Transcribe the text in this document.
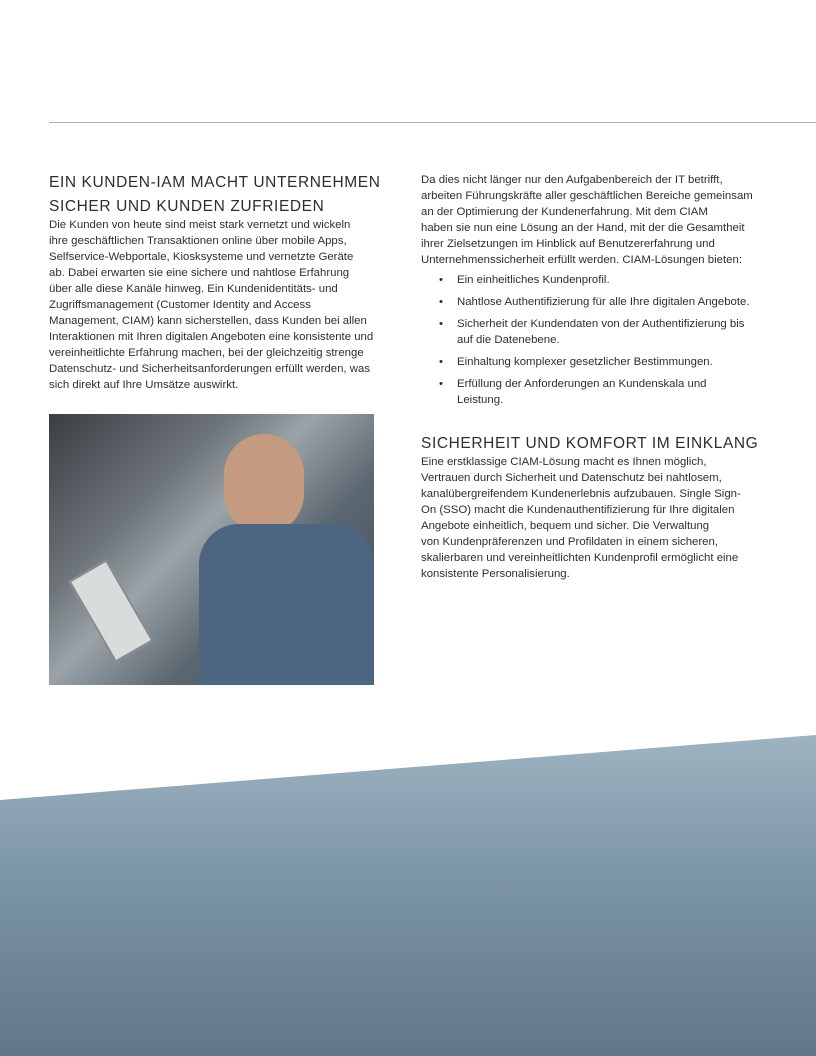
EIN KUNDEN-IAM MACHT UNTERNEHMEN
SICHER UND KUNDEN ZUFRIEDEN
Die Kunden von heute sind meist stark vernetzt und wickeln
ihre geschäftlichen Transaktionen online über mobile Apps,
Selfservice-Webportale, Kiosksysteme und vernetzte Geräte
ab. Dabei erwarten sie eine sichere und nahtlose Erfahrung
über alle diese Kanäle hinweg. Ein Kundenidentitäts- und
Zugriffsmanagement (Customer Identity and Access
Management, CIAM) kann sicherstellen, dass Kunden bei allen
Interaktionen mit Ihren digitalen Angeboten eine konsistente und
vereinheitlichte Erfahrung machen, bei der gleichzeitig strenge
Datenschutz- und Sicherheitsanforderungen erfüllt werden, was
sich direkt auf Ihre Umsätze auswirkt.
Da dies nicht länger nur den Aufgabenbereich der IT betrifft,
arbeiten Führungskräfte aller geschäftlichen Bereiche gemeinsam
an der Optimierung der Kundenerfahrung. Mit dem CIAM
haben sie nun eine Lösung an der Hand, mit der die Gesamtheit
ihrer Zielsetzungen im Hinblick auf Benutzererfahrung und
Unternehmenssicherheit erfüllt werden. CIAM-Lösungen bieten:
• Ein einheitliches Kundenprofil.
• Nahtlose Authentifizierung für alle Ihre digitalen Angebote.
• Sicherheit der Kundendaten von der Authentifizierung bis
auf die Datenebene.
• Einhaltung komplexer gesetzlicher Bestimmungen.
• Erfüllung der Anforderungen an Kundenskala und
Leistung.
SICHERHEIT UND KOMFORT IM EINKLANG
Eine erstklassige CIAM-Lösung macht es Ihnen möglich,
Vertrauen durch Sicherheit und Datenschutz bei nahtlosem,
kanalübergreifendem Kundenerlebnis aufzubauen. Single Sign-
On (SSO) macht die Kundenauthentifizierung für Ihre digitalen
Angebote einheitlich, bequem und sicher. Die Verwaltung
von Kundenpräferenzen und Profildaten in einem sicheren,
skalierbaren und vereinheitlichten Kundenprofil ermöglicht eine
konsistente Personalisierung.
